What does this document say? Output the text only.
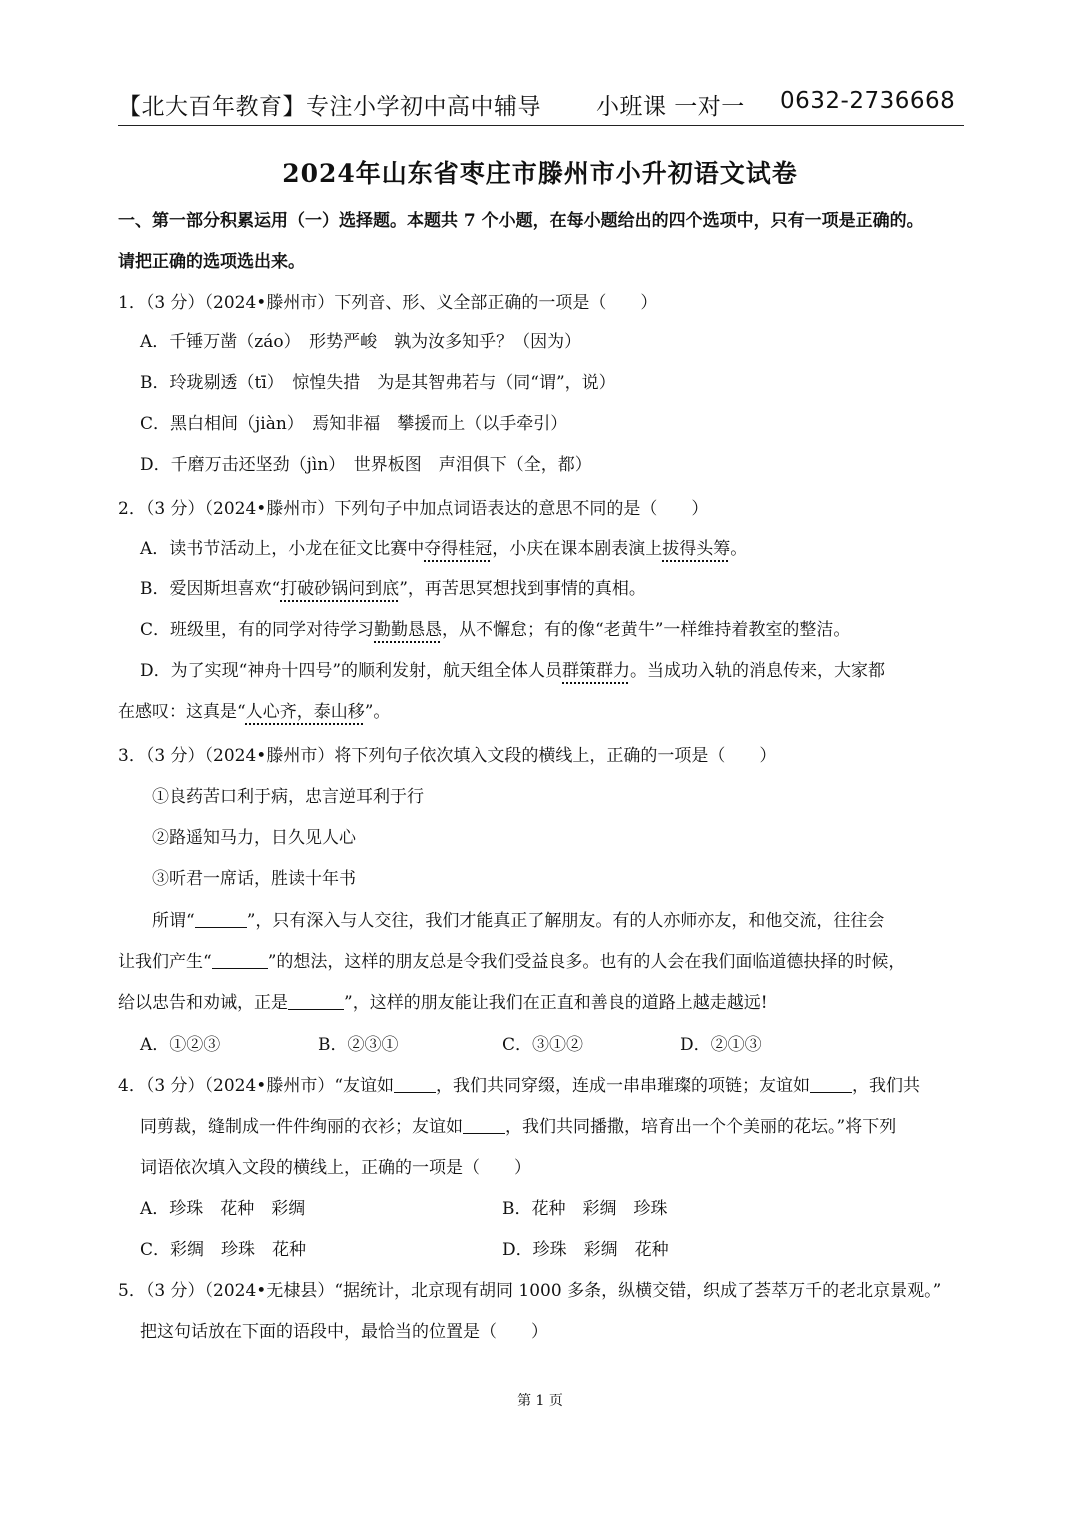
【北大百年教育】专注小学初中高中辅导 小班课 一对一 0632-2736668
2024年山东省枣庄市滕州市小升初语文试卷
一、第一部分积累运用（一）选择题。本题共 7 个小题，在每小题给出的四个选项中，只有一项是正确的。
请把正确的选项选出来。
1．（3 分）（2024•滕州市）下列音、形、义全部正确的一项是（　　）
A．千锤万凿（záo）　形势严峻　孰为汝多知乎？（因为）
B．玲珑剔透（tī）　惊惶失措　为是其智弗若与（同“谓”，说）
C．黑白相间（jiàn）　焉知非福　攀援而上（以手牵引）
D．千磨万击还坚劲（jìn）　世界板图　声泪俱下（全，都）
2．（3 分）（2024•滕州市）下列句子中加点词语表达的意思不同的是（　　）
A．读书节活动上，小龙在征文比赛中夺得桂冠，小庆在课本剧表演上拔得头筹。
B．爱因斯坦喜欢“打破砂锅问到底”，再苦思冥想找到事情的真相。
C．班级里，有的同学对待学习勤勤恳恳，从不懈怠；有的像“老黄牛”一样维持着教室的整洁。
D．为了实现“神舟十四号”的顺利发射，航天组全体人员群策群力。当成功入轨的消息传来，大家都
在感叹：这真是“人心齐，泰山移”。
3．（3 分）（2024•滕州市）将下列句子依次填入文段的横线上，正确的一项是（　　）
①良药苦口利于病，忠言逆耳利于行
②路遥知马力，日久见人心
③听君一席话，胜读十年书
所谓“	”，只有深入与人交往，我们才能真正了解朋友。有的人亦师亦友，和他交流，往往会
让我们产生“	”的想法，这样的朋友总是令我们受益良多。也有的人会在我们面临道德抉择的时候，
给以忠告和劝诫，正是	”，这样的朋友能让我们在正直和善良的道路上越走越远!
A．①②③	B．②③①	C．③①②	D．②①③
4．（3 分）（2024•滕州市）“友谊如 ，我们共同穿缀，连成一串串璀璨的项链；友谊如 ，我们共
同剪裁，缝制成一件件绚丽的衣衫；友谊如 ，我们共同播撒，培育出一个个美丽的花坛。”将下列
词语依次填入文段的横线上，正确的一项是（　　）
A．珍珠　花种　彩绸	B．花种　彩绸　珍珠
C．彩绸　珍珠　花种	D．珍珠　彩绸　花种
5．（3 分）（2024•无棣县）“据统计，北京现有胡同 1000 多条，纵横交错，织成了荟萃万千的老北京景观。”
把这句话放在下面的语段中，最恰当的位置是（　　）
第 1 页
